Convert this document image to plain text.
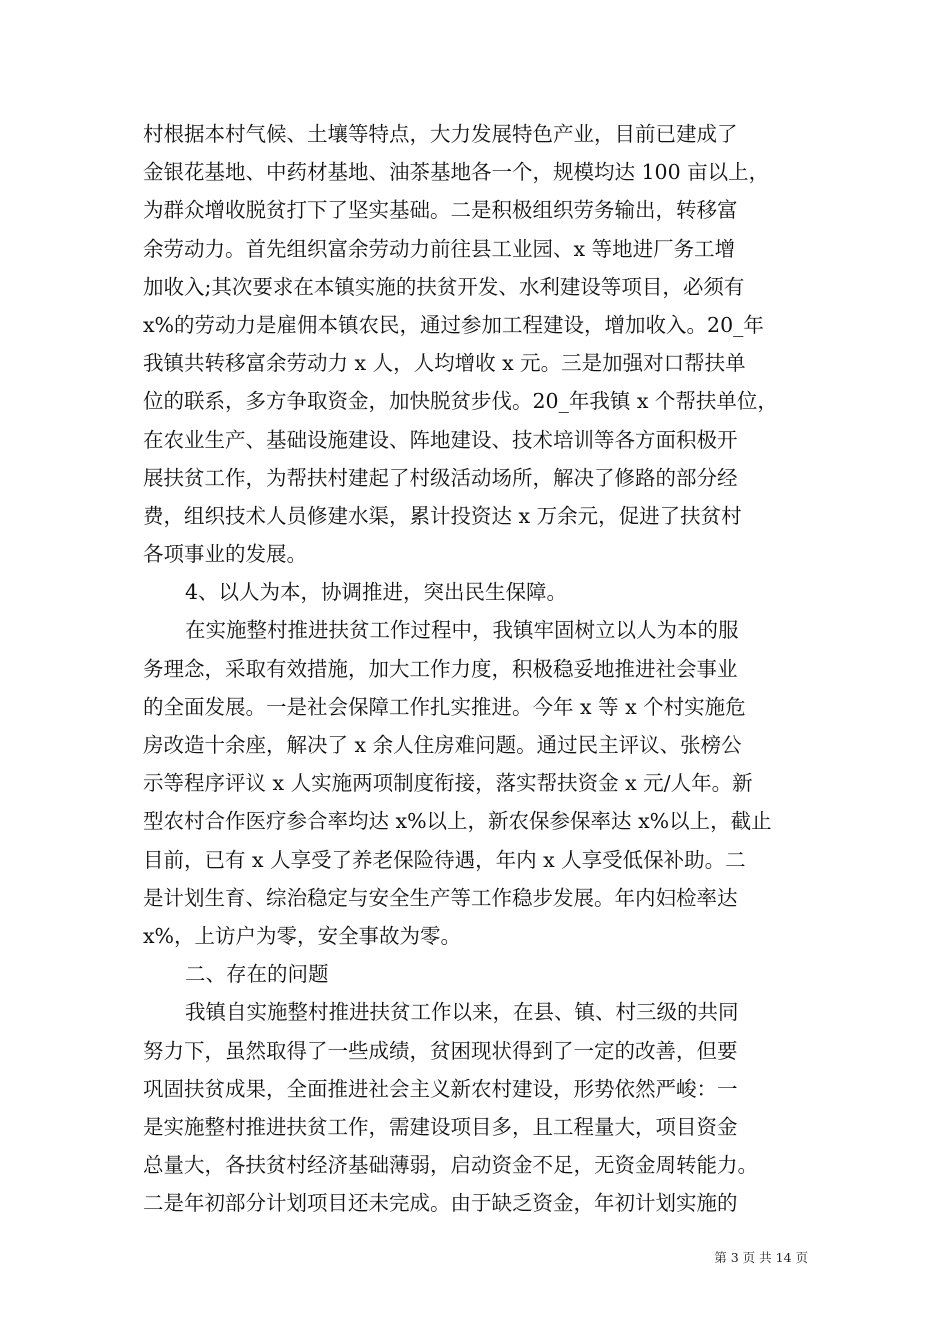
村根据本村气候、土壤等特点，大力发展特色产业，目前已建成了
金银花基地、中药材基地、油茶基地各一个，规模均达 100 亩以上，
为群众增收脱贫打下了坚实基础。二是积极组织劳务输出，转移富
余劳动力。首先组织富余劳动力前往县工业园、x 等地进厂务工增
加收入;其次要求在本镇实施的扶贫开发、水利建设等项目，必须有
x%的劳动力是雇佣本镇农民，通过参加工程建设，增加收入。20_年
我镇共转移富余劳动力 x 人，人均增收 x 元。三是加强对口帮扶单
位的联系，多方争取资金，加快脱贫步伐。20_年我镇 x 个帮扶单位，
在农业生产、基础设施建设、阵地建设、技术培训等各方面积极开
展扶贫工作，为帮扶村建起了村级活动场所，解决了修路的部分经
费，组织技术人员修建水渠，累计投资达 x 万余元，促进了扶贫村
各项事业的发展。
4、以人为本，协调推进，突出民生保障。
在实施整村推进扶贫工作过程中，我镇牢固树立以人为本的服
务理念，采取有效措施，加大工作力度，积极稳妥地推进社会事业
的全面发展。一是社会保障工作扎实推进。今年 x 等 x 个村实施危
房改造十余座，解决了 x 余人住房难问题。通过民主评议、张榜公
示等程序评议 x 人实施两项制度衔接，落实帮扶资金 x 元/人年。新
型农村合作医疗参合率均达 x%以上，新农保参保率达 x%以上，截止
目前，已有 x 人享受了养老保险待遇，年内 x 人享受低保补助。二
是计划生育、综治稳定与安全生产等工作稳步发展。年内妇检率达
x%，上访户为零，安全事故为零。
二、存在的问题
我镇自实施整村推进扶贫工作以来，在县、镇、村三级的共同
努力下，虽然取得了一些成绩，贫困现状得到了一定的改善，但要
巩固扶贫成果，全面推进社会主义新农村建设，形势依然严峻：一
是实施整村推进扶贫工作，需建设项目多，且工程量大，项目资金
总量大，各扶贫村经济基础薄弱，启动资金不足，无资金周转能力。
二是年初部分计划项目还未完成。由于缺乏资金，年初计划实施的
第 3 页 共 14 页
